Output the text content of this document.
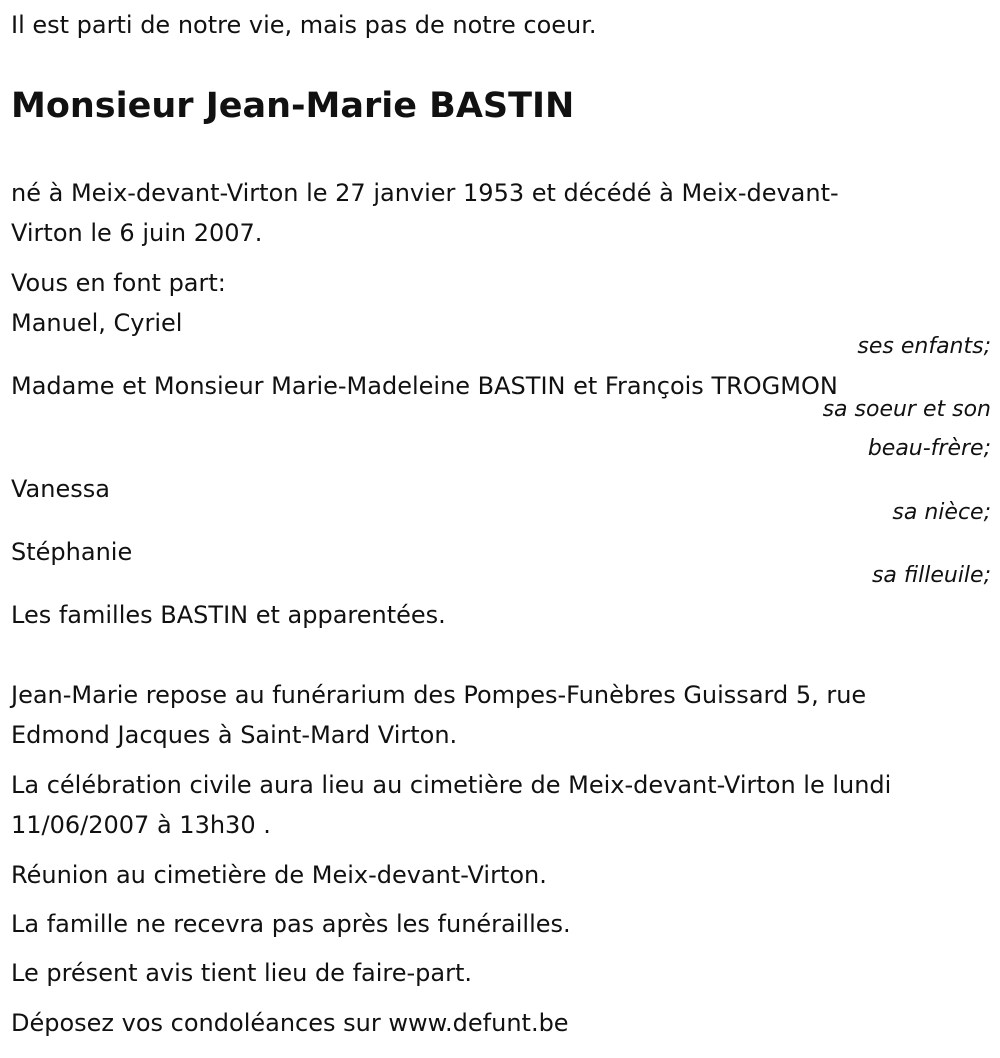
Il est parti de notre vie, mais pas de notre coeur.
Monsieur Jean-Marie BASTIN
né à Meix-devant-Virton le 27 janvier 1953 et décédé à Meix-devant-
Virton le 6 juin 2007.
Vous en font part:
Manuel, Cyriel
ses enfants;
Madame et Monsieur Marie-Madeleine BASTIN et François TROGMON
sa soeur et son
beau-frère;
Vanessa
sa nièce;
Stéphanie
sa filleuile;
Les familles BASTIN et apparentées.
Jean-Marie repose au funérarium des Pompes-Funèbres Guissard 5, rue
Edmond Jacques à Saint-Mard Virton.
La célébration civile aura lieu au cimetière de Meix-devant-Virton le lundi
11/06/2007 à 13h30 .
Réunion au cimetière de Meix-devant-Virton.
La famille ne recevra pas après les funérailles.
Le présent avis tient lieu de faire-part.
Déposez vos condoléances sur www.defunt.be
